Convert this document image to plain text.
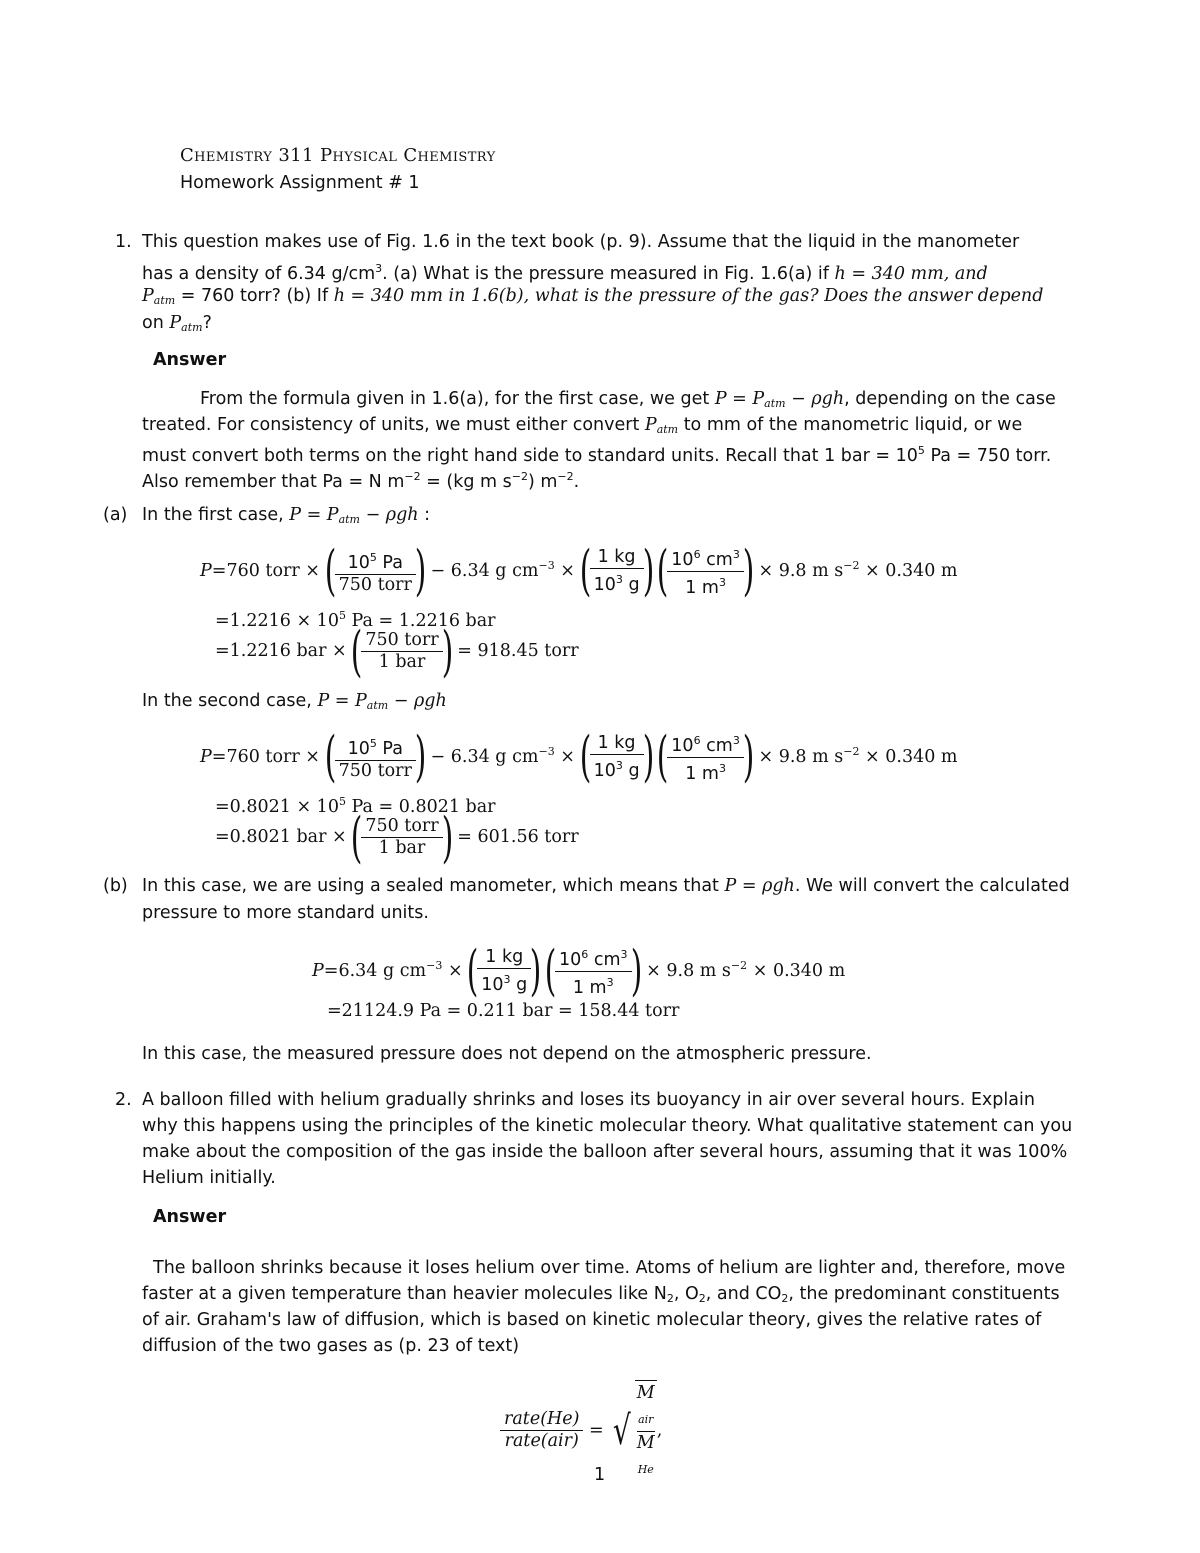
Chemistry 311 Physical Chemistry
Homework Assignment # 1
1. This question makes use of Fig. 1.6 in the text book (p. 9). Assume that the liquid in the manometer
has a density of 6.34 $g/cm^3$. (a) What is the pressure measured in Fig. 1.6(a) if h = 340 mm, and
$P_{atm} = 760$ torr? (b) If h = 340 mm in 1.6(b), what is the pressure of the gas? Does the answer depend
on $P_{atm}$?
Answer
From the formula given in 1.6(a), for the first case, we get $P = P_{atm} - \rho gh$, depending on the case
treated. For consistency of units, we must either convert $P_{atm}$ to mm of the manometric liquid, or we
must convert both terms on the right hand side to standard units. Recall that 1 bar = $10^5$ Pa = 750 torr.
Also remember that Pa = N $m^{-2} = (kg$ m $s^{-2}$) $m^{-2}$.
(a) In the first case, $P = P_{atm} - \rho gh$ :
P=760 torr × (
$\frac{10^5 Pa}{\text{750 torr}}$
) − 6.34 g $cm^{-3}$ × (
$\frac{1 kg}{10^3 g}$
) (
$\frac{10^6 cm^3}{1 m^3}$
) × 9.8 m $s^{-2} \times 0.340$ m
$=1.2216 \times 10^5$ Pa = 1.2216 bar
=1.2216 bar × (
$\frac{\text{750 torr}}{\text{1 bar}}$
) = 918.45 torr
In the second case, $P = P_{atm} - \rho gh$
P=760 torr × (
$\frac{10^5 Pa}{\text{750 torr}}$
) − 6.34 g $cm^{-3}$ × (
$\frac{1 kg}{10^3 g}$
) (
$\frac{10^6 cm^3}{1 m^3}$
) × 9.8 m $s^{-2} \times 0.340$ m
$=0.8021 \times 10^5$ Pa = 0.8021 bar
=0.8021 bar × (
$\frac{\text{750 torr}}{\text{1 bar}}$
) = 601.56 torr
(b) In this case, we are using a sealed manometer, which means that P = ρgh. We will convert the calculated
pressure to more standard units.
P=6.34 g $cm^{-3}$ × (
$\frac{1 kg}{10^3 g}$
) (
$\frac{10^6 cm^3}{1 m^3}$
) × 9.8 m $s^{-2} \times 0.340$ m
=21124.9 Pa = 0.211 bar = 158.44 torr
In this case, the measured pressure does not depend on the atmospheric pressure.
2. A balloon filled with helium gradually shrinks and loses its buoyancy in air over several hours. Explain
why this happens using the principles of the kinetic molecular theory. What qualitative statement can you
make about the composition of the gas inside the balloon after several hours, assuming that it was 100%
Helium initially.
Answer
The balloon shrinks because it loses helium over time. Atoms of helium are lighter and, therefore, move
faster at a given temperature than heavier molecules like $N_2$, $O_2$, and $CO_2$, the predominant constituents
of air. Graham's law of diffusion, which is based on kinetic molecular theory, gives the relative rates of
diffusion of the two gases as (p. 23 of text)
$\frac{\text{rate(He)}}{\text{rate(air)}}$ = √
M
$_{air}$
M
$_{He}$
,
1
